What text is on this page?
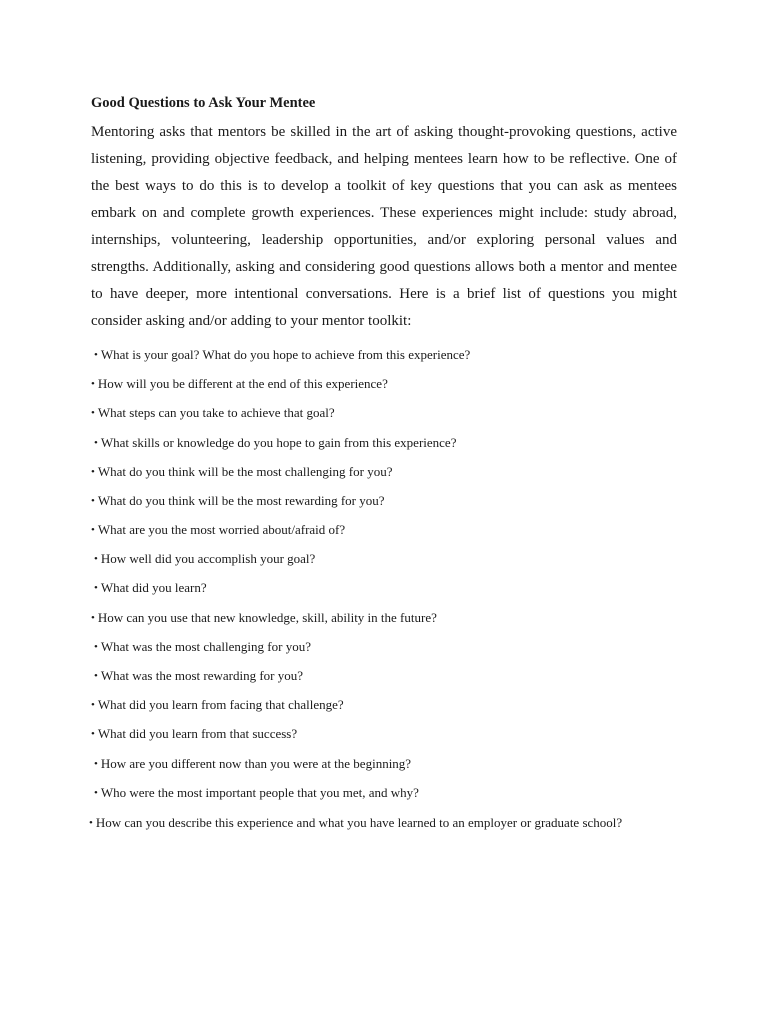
Good Questions to Ask Your Mentee

Mentoring asks that mentors be skilled in the art of asking thought-provoking questions, active listening, providing objective feedback, and helping mentees learn how to be reflective. One of the best ways to do this is to develop a toolkit of key questions that you can ask as mentees embark on and complete growth experiences. These experiences might include: study abroad, internships, volunteering, leadership opportunities, and/or exploring personal values and strengths. Additionally, asking and considering good questions allows both a mentor and mentee to have deeper, more intentional conversations. Here is a brief list of questions you might consider asking and/or adding to your mentor toolkit:

• What is your goal? What do you hope to achieve from this experience?
• How will you be different at the end of this experience?
• What steps can you take to achieve that goal?
• What skills or knowledge do you hope to gain from this experience?
• What do you think will be the most challenging for you?
• What do you think will be the most rewarding for you?
• What are you the most worried about/afraid of?
• How well did you accomplish your goal?
• What did you learn?
• How can you use that new knowledge, skill, ability in the future?
• What was the most challenging for you?
• What was the most rewarding for you?
• What did you learn from facing that challenge?
• What did you learn from that success?
• How are you different now than you were at the beginning?
• Who were the most important people that you met, and why?
• How can you describe this experience and what you have learned to an employer or graduate school?
